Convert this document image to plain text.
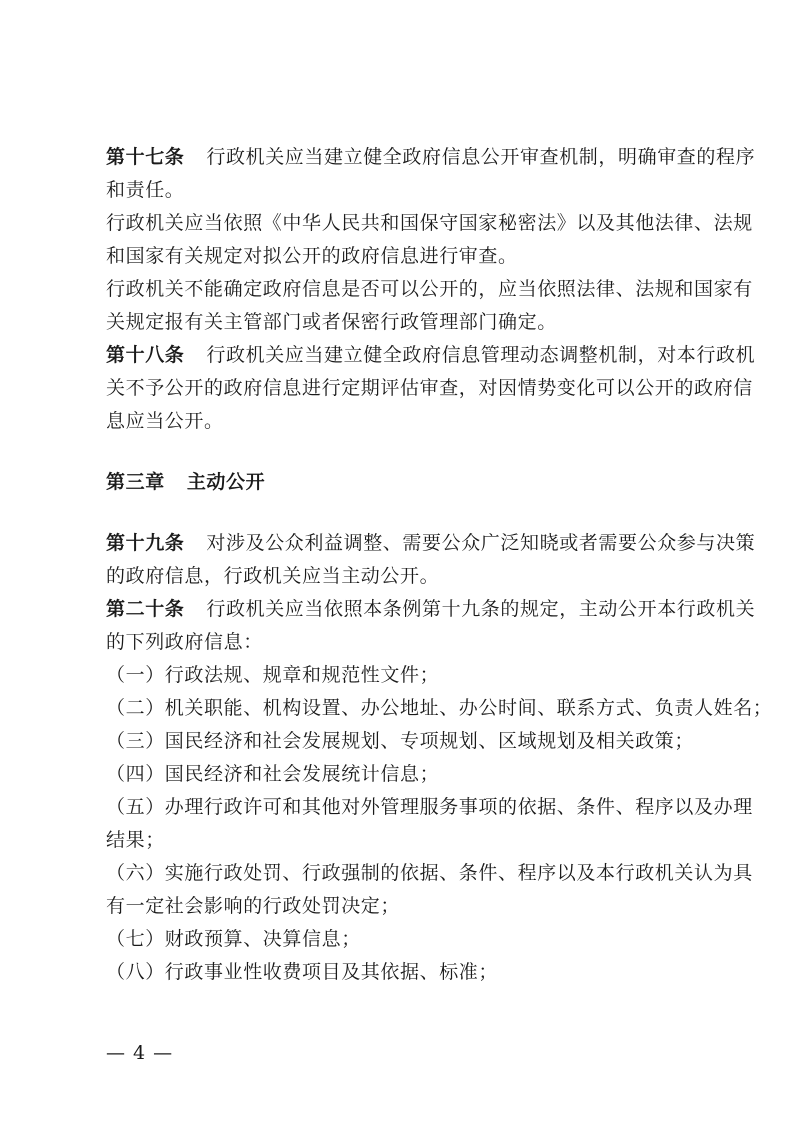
第十七条 行政机关应当建立健全政府信息公开审查机制，明确审查的程序
和责任。
行政机关应当依照《中华人民共和国保守国家秘密法》以及其他法律、法规
和国家有关规定对拟公开的政府信息进行审查。
行政机关不能确定政府信息是否可以公开的，应当依照法律、法规和国家有
关规定报有关主管部门或者保密行政管理部门确定。
第十八条 行政机关应当建立健全政府信息管理动态调整机制，对本行政机
关不予公开的政府信息进行定期评估审查，对因情势变化可以公开的政府信
息应当公开。
第三章 主动公开
第十九条 对涉及公众利益调整、需要公众广泛知晓或者需要公众参与决策
的政府信息，行政机关应当主动公开。
第二十条 行政机关应当依照本条例第十九条的规定，主动公开本行政机关
的下列政府信息：
（一）行政法规、规章和规范性文件；
（二）机关职能、机构设置、办公地址、办公时间、联系方式、负责人姓名；
（三）国民经济和社会发展规划、专项规划、区域规划及相关政策；
（四）国民经济和社会发展统计信息；
（五）办理行政许可和其他对外管理服务事项的依据、条件、程序以及办理
结果；
（六）实施行政处罚、行政强制的依据、条件、程序以及本行政机关认为具
有一定社会影响的行政处罚决定；
（七）财政预算、决算信息；
（八）行政事业性收费项目及其依据、标准；
— 4 —
